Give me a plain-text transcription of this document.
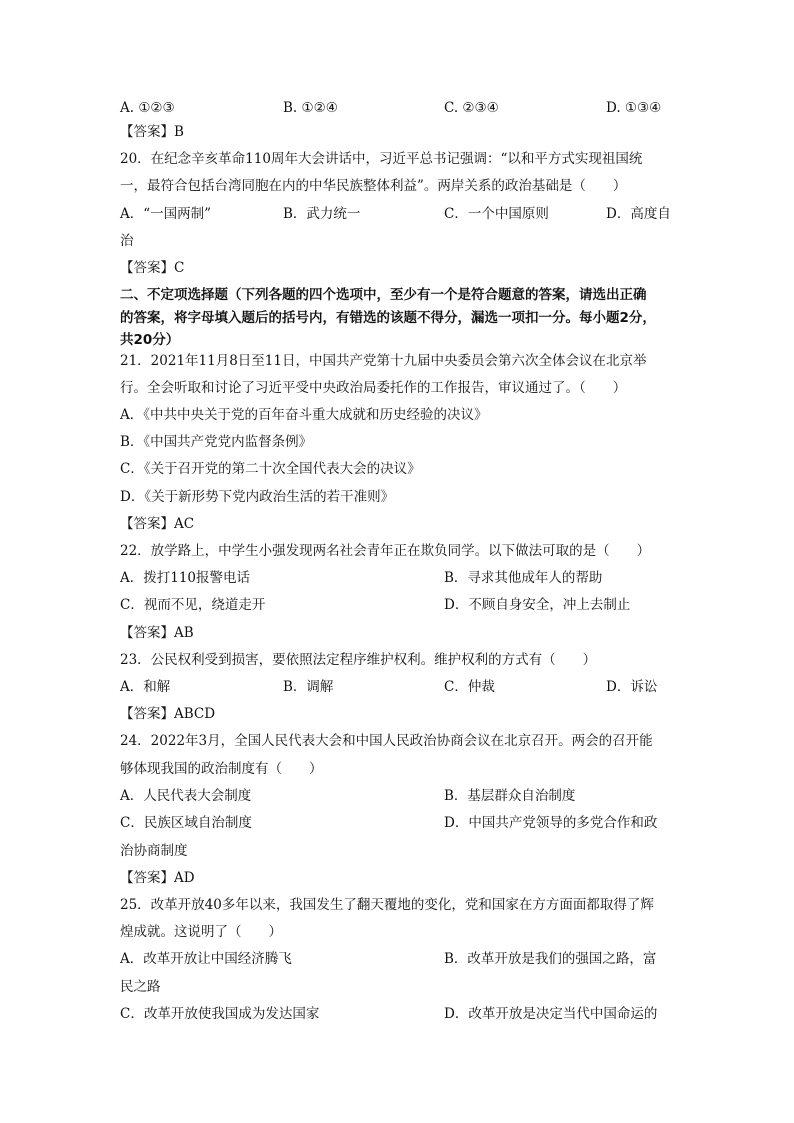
A. ①②③	B. ①②④	C. ②③④	D. ①③④
【答案】B
20．在纪念辛亥革命110周年大会讲话中，习近平总书记强调：“以和平方式实现祖国统
一，最符合包括台湾同胞在内的中华民族整体利益”。两岸关系的政治基础是（　　）
A．“一国两制”	B．武力统一	C．一个中国原则	D．高度自
治
【答案】C
二、不定项选择题（下列各题的四个选项中，至少有一个是符合题意的答案，请选出正确
的答案，将字母填入题后的括号内，有错选的该题不得分，漏选一项扣一分。每小题2分，
共20分）
21．2021年11月8日至11日，中国共产党第十九届中央委员会第六次全体会议在北京举
行。全会听取和讨论了习近平受中央政治局委托作的工作报告，审议通过了。（　　）
A．《中共中央关于党的百年奋斗重大成就和历史经验的决议》
B．《中国共产党党内监督条例》
C．《关于召开党的第二十次全国代表大会的决议》
D．《关于新形势下党内政治生活的若干准则》
【答案】AC
22．放学路上，中学生小强发现两名社会青年正在欺负同学。以下做法可取的是（　　）
A．拨打110报警电话	B．寻求其他成年人的帮助
C．视而不见，绕道走开	D．不顾自身安全，冲上去制止
【答案】AB
23．公民权利受到损害，要依照法定程序维护权利。维护权利的方式有（　　）
A．和解	B．调解	C．仲裁	D．诉讼
【答案】ABCD
24．2022年3月，全国人民代表大会和中国人民政治协商会议在北京召开。两会的召开能
够体现我国的政治制度有（　　）
A．人民代表大会制度	B．基层群众自治制度
C．民族区域自治制度	D．中国共产党领导的多党合作和政
治协商制度
【答案】AD
25．改革开放40多年以来，我国发生了翻天覆地的变化，党和国家在方方面面都取得了辉
煌成就。这说明了（　　）
A．改革开放让中国经济腾飞	B．改革开放是我们的强国之路，富
民之路
C．改革开放使我国成为发达国家	D．改革开放是决定当代中国命运的
